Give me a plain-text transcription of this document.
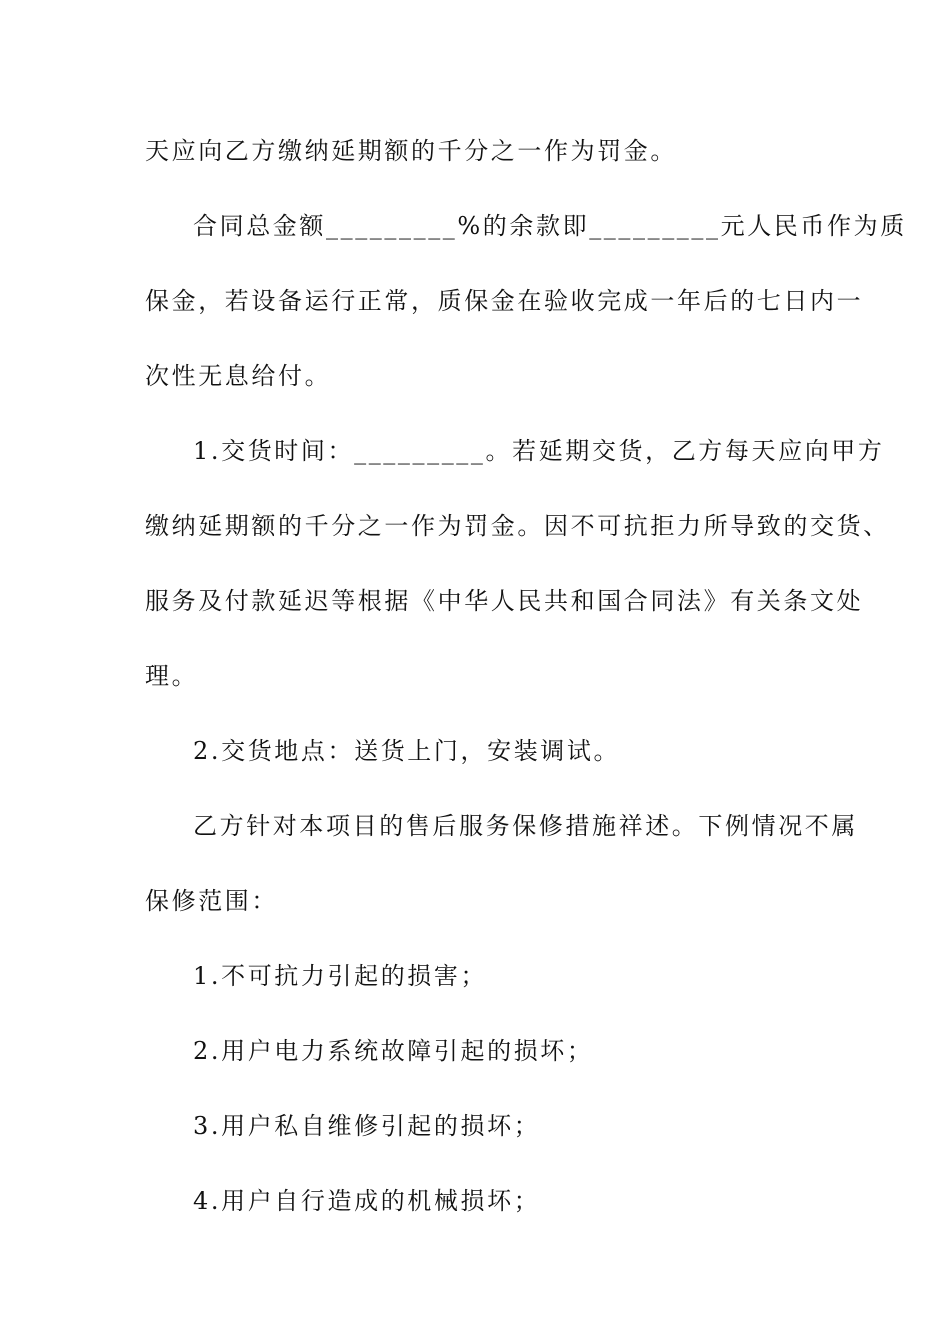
天应向乙方缴纳延期额的千分之一作为罚金。
合同总金额_________%的余款即_________元人民币作为质
保金，若设备运行正常，质保金在验收完成一年后的七日内一
次性无息给付。
1.交货时间：_________。若延期交货，乙方每天应向甲方
缴纳延期额的千分之一作为罚金。因不可抗拒力所导致的交货、
服务及付款延迟等根据《中华人民共和国合同法》有关条文处
理。
2.交货地点：送货上门，安装调试。
乙方针对本项目的售后服务保修措施祥述。下例情况不属
保修范围：
1.不可抗力引起的损害；
2.用户电力系统故障引起的损坏；
3.用户私自维修引起的损坏；
4.用户自行造成的机械损坏；
